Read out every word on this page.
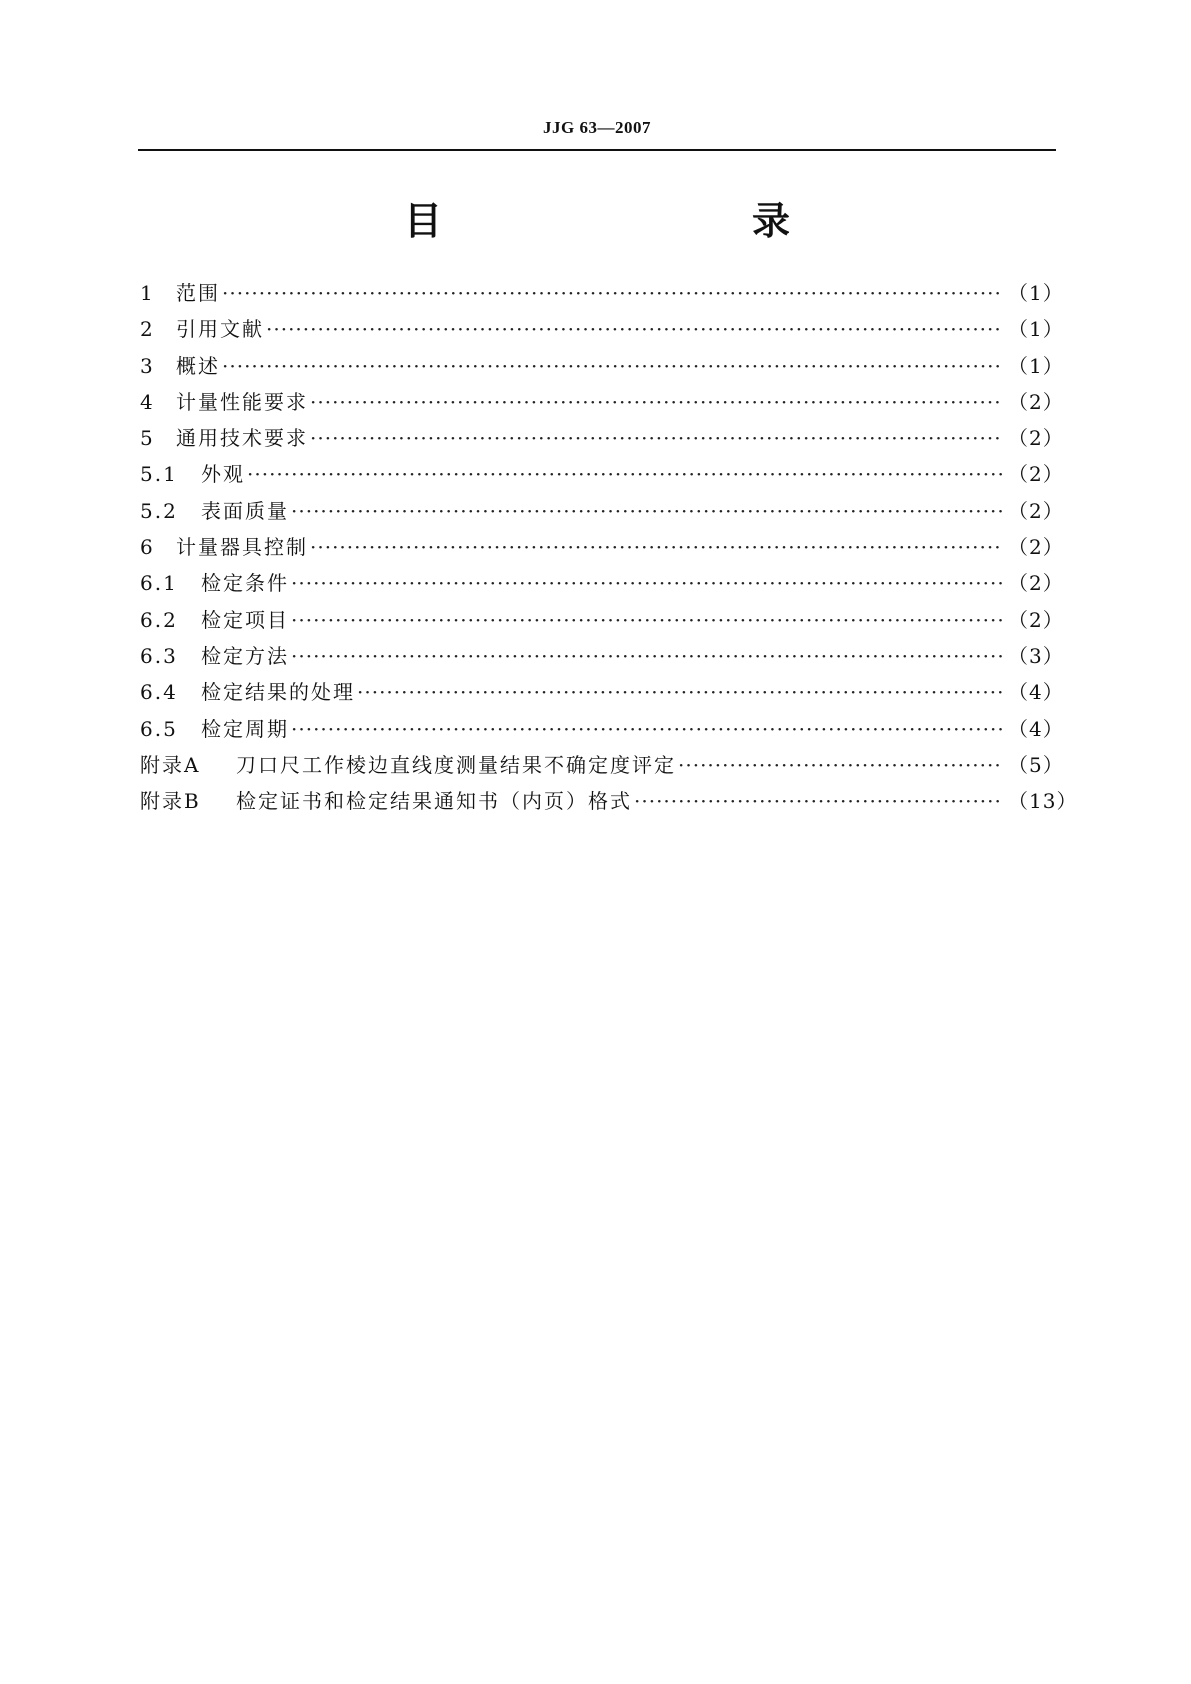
JJG 63—2007
目　　录
1	范围 ·····	（1）
2	引用文献 ·····	（1）
3	概述 ·····	（1）
4	计量性能要求 ·····	（2）
5	通用技术要求 ·····	（2）
5.1	外观 ·····	（2）
5.2	表面质量 ·····	（2）
6	计量器具控制 ·····	（2）
6.1	检定条件 ·····	（2）
6.2	检定项目 ·····	（2）
6.3	检定方法 ·····	（3）
6.4	检定结果的处理 ·····	（4）
6.5	检定周期 ·····	（4）
附录A	刀口尺工作棱边直线度测量结果不确定度评定 ·····	（5）
附录B	检定证书和检定结果通知书（内页）格式 ·····	（13）
